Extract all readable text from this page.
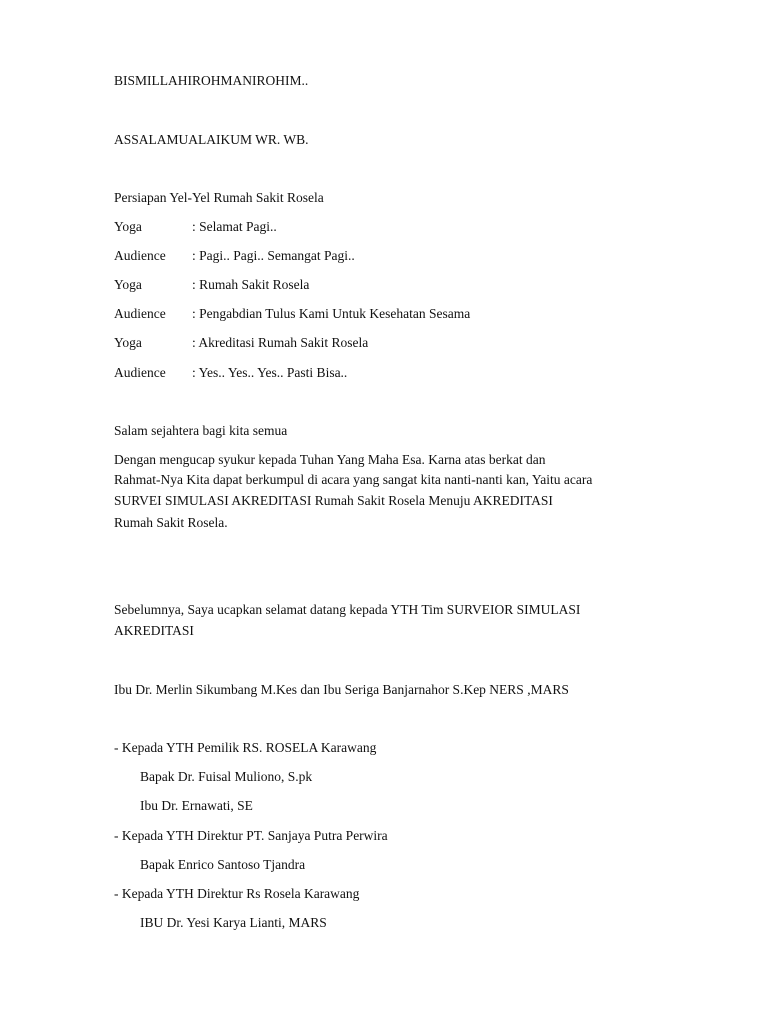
BISMILLAHIROHMANIROHIM..
ASSALAMUALAIKUM WR. WB.
Persiapan Yel-Yel Rumah Sakit Rosela
Yoga	: Selamat Pagi..
Audience : Pagi.. Pagi.. Semangat Pagi..
Yoga	: Rumah Sakit Rosela
Audience : Pengabdian Tulus Kami Untuk Kesehatan Sesama
Yoga	: Akreditasi Rumah Sakit Rosela
Audience : Yes.. Yes.. Yes.. Pasti Bisa..
Salam sejahtera bagi kita semua
Dengan mengucap syukur kepada Tuhan Yang Maha Esa. Karna atas berkat dan
Rahmat-Nya Kita dapat berkumpul di acara yang sangat kita nanti-nanti kan, Yaitu acara
SURVEI SIMULASI AKREDITASI Rumah Sakit Rosela Menuju AKREDITASI
Rumah Sakit Rosela.
Sebelumnya, Saya ucapkan selamat datang kepada YTH Tim SURVEIOR SIMULASI
AKREDITASI
Ibu Dr. Merlin Sikumbang M.Kes dan Ibu Seriga Banjarnahor S.Kep NERS ,MARS
- Kepada YTH Pemilik RS. ROSELA Karawang
Bapak Dr. Fuisal Muliono, S.pk
Ibu Dr. Ernawati, SE
- Kepada YTH Direktur PT. Sanjaya Putra Perwira
Bapak Enrico Santoso Tjandra
- Kepada YTH Direktur Rs Rosela Karawang
IBU Dr. Yesi Karya Lianti, MARS
